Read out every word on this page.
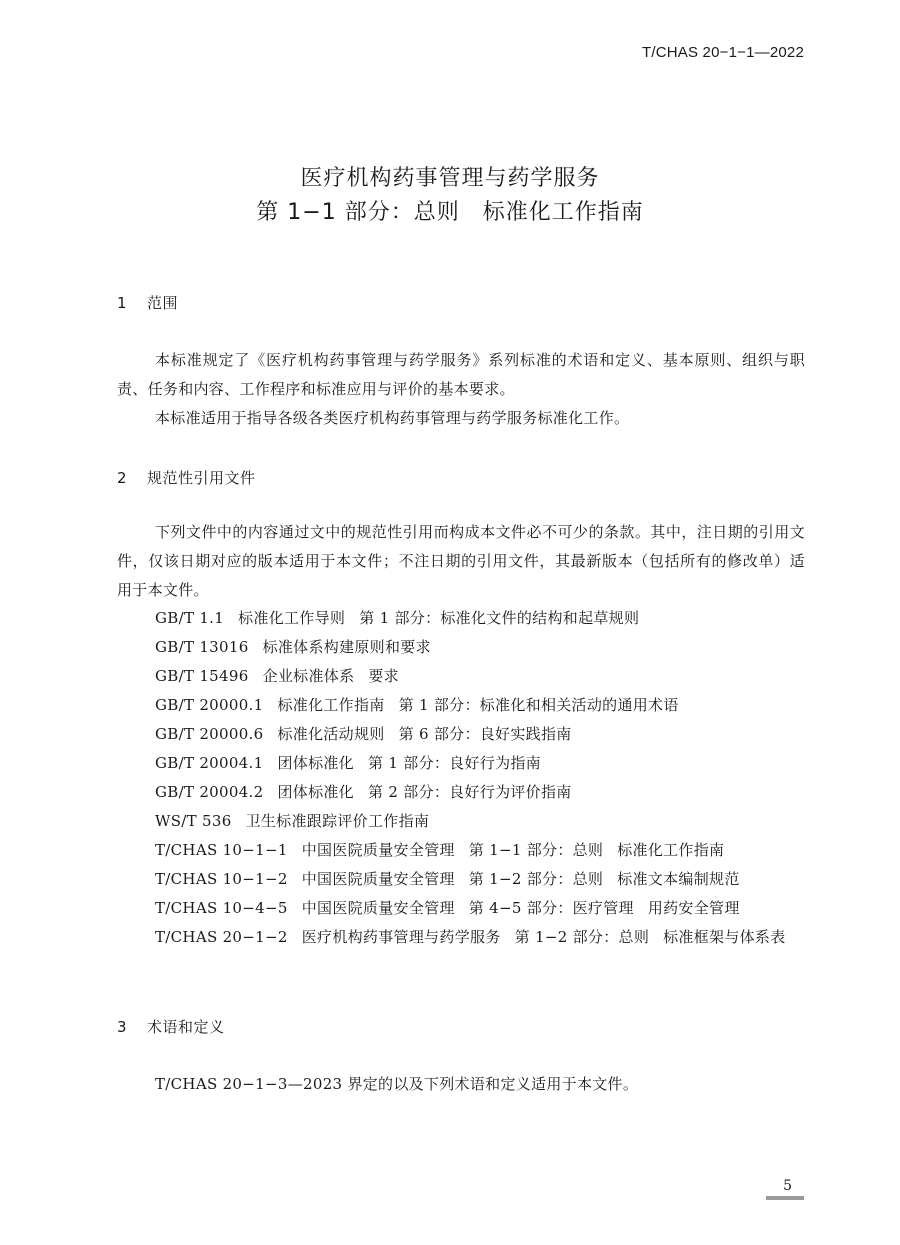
T/CHAS 20−1−1—2022
医疗机构药事管理与药学服务
第 1−1 部分：总则　标准化工作指南
1 范围
本标准规定了《医疗机构药事管理与药学服务》系列标准的术语和定义、基本原则、组织与职责、任务和内容、工作程序和标准应用与评价的基本要求。
本标准适用于指导各级各类医疗机构药事管理与药学服务标准化工作。
2 规范性引用文件
下列文件中的内容通过文中的规范性引用而构成本文件必不可少的条款。其中，注日期的引用文件，仅该日期对应的版本适用于本文件；不注日期的引用文件，其最新版本（包括所有的修改单）适用于本文件。
GB/T 1.1 标准化工作导则 第 1 部分：标准化文件的结构和起草规则
GB/T 13016 标准体系构建原则和要求
GB/T 15496 企业标准体系 要求
GB/T 20000.1 标准化工作指南 第 1 部分：标准化和相关活动的通用术语
GB/T 20000.6 标准化活动规则 第 6 部分：良好实践指南
GB/T 20004.1 团体标准化 第 1 部分：良好行为指南
GB/T 20004.2 团体标准化 第 2 部分：良好行为评价指南
WS/T 536 卫生标准跟踪评价工作指南
T/CHAS 10−1−1 中国医院质量安全管理 第 1−1 部分：总则 标准化工作指南
T/CHAS 10−1−2 中国医院质量安全管理 第 1−2 部分：总则 标准文本编制规范
T/CHAS 10−4−5 中国医院质量安全管理 第 4−5 部分：医疗管理 用药安全管理
T/CHAS 20−1−2 医疗机构药事管理与药学服务 第 1−2 部分：总则 标准框架与体系表
3 术语和定义
T/CHAS 20−1−3—2023 界定的以及下列术语和定义适用于本文件。
5
